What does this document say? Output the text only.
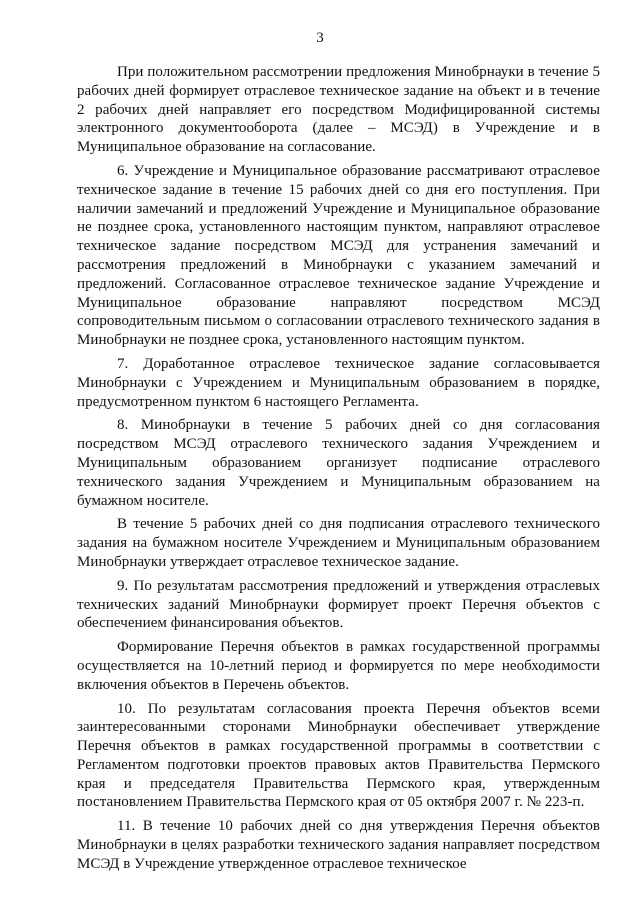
3

При положительном рассмотрении предложения Минобрнауки в течение 5 рабочих дней формирует отраслевое техническое задание на объект и в течение 2 рабочих дней направляет его посредством Модифицированной системы электронного документооборота (далее – МСЭД) в Учреждение и в Муниципальное образование на согласование.

6. Учреждение и Муниципальное образование рассматривают отраслевое техническое задание в течение 15 рабочих дней со дня его поступления. При наличии замечаний и предложений Учреждение и Муниципальное образование не позднее срока, установленного настоящим пунктом, направляют отраслевое техническое задание посредством МСЭД для устранения замечаний и рассмотрения предложений в Минобрнауки с указанием замечаний и предложений. Согласованное отраслевое техническое задание Учреждение и Муниципальное образование направляют посредством МСЭД сопроводительным письмом о согласовании отраслевого технического задания в Минобрнауки не позднее срока, установленного настоящим пунктом.

7. Доработанное отраслевое техническое задание согласовывается Минобрнауки с Учреждением и Муниципальным образованием в порядке, предусмотренном пунктом 6 настоящего Регламента.

8. Минобрнауки в течение 5 рабочих дней со дня согласования посредством МСЭД отраслевого технического задания Учреждением и Муниципальным образованием организует подписание отраслевого технического задания Учреждением и Муниципальным образованием на бумажном носителе.

В течение 5 рабочих дней со дня подписания отраслевого технического задания на бумажном носителе Учреждением и Муниципальным образованием Минобрнауки утверждает отраслевое техническое задание.

9. По результатам рассмотрения предложений и утверждения отраслевых технических заданий Минобрнауки формирует проект Перечня объектов с обеспечением финансирования объектов.

Формирование Перечня объектов в рамках государственной программы осуществляется на 10-летний период и формируется по мере необходимости включения объектов в Перечень объектов.

10. По результатам согласования проекта Перечня объектов всеми заинтересованными сторонами Минобрнауки обеспечивает утверждение Перечня объектов в рамках государственной программы в соответствии с Регламентом подготовки проектов правовых актов Правительства Пермского края и председателя Правительства Пермского края, утвержденным постановлением Правительства Пермского края от 05 октября 2007 г. № 223-п.

11. В течение 10 рабочих дней со дня утверждения Перечня объектов Минобрнауки в целях разработки технического задания направляет посредством МСЭД в Учреждение утвержденное отраслевое техническое
